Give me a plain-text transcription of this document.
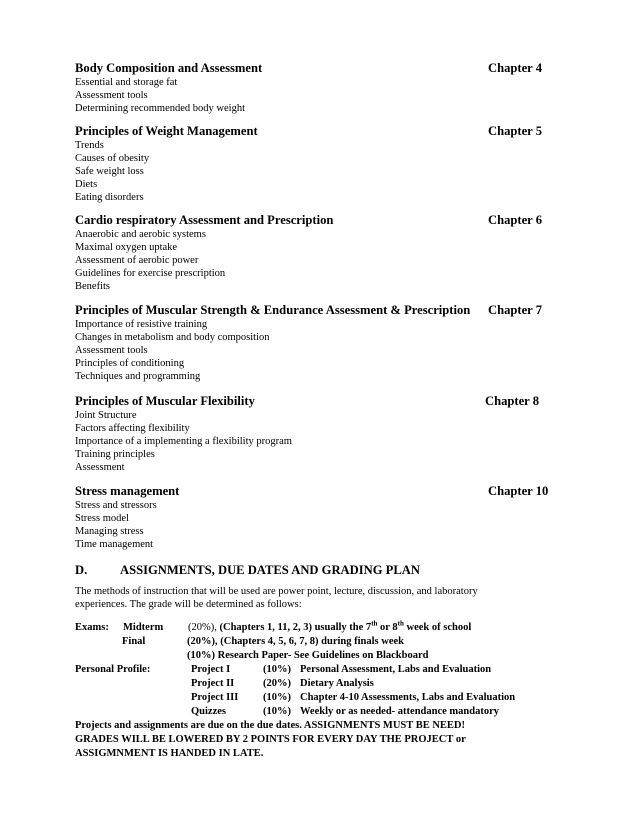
Body Composition and Assessment	Chapter 4
Essential and storage fat
Assessment tools
Determining recommended body weight
Principles of Weight Management	Chapter 5
Trends
Causes of obesity
Safe weight loss
Diets
Eating disorders
Cardio respiratory Assessment and Prescription	Chapter 6
Anaerobic and aerobic systems
Maximal oxygen uptake
Assessment of aerobic power
Guidelines for exercise prescription
Benefits
Principles of Muscular Strength & Endurance Assessment & Prescription Chapter 7
Importance of resistive training
Changes in metabolism and body composition
Assessment tools
Principles of conditioning
Techniques and programming
Principles of Muscular Flexibility	Chapter 8
Joint Structure
Factors affecting flexibility
Importance of a implementing a flexibility program
Training principles
Assessment
Stress management	Chapter 10
Stress and stressors
Stress model
Managing stress
Time management
D.	ASSIGNMENTS, DUE DATES AND GRADING PLAN
The methods of instruction that will be used are power point, lecture, discussion, and laboratory
experiences. The grade will be determined as follows:
Exams: Midterm (20%), (Chapters 1, 11, 2, 3) usually the 7th or 8th week of school
Final	(20%), (Chapters 4, 5, 6, 7, 8) during finals week
(10%) Research Paper- See Guidelines on Blackboard
Personal Profile:	Project I	(10%) Personal Assessment, Labs and Evaluation
Project II	(20%) Dietary Analysis
Project III (10%) Chapter 4-10 Assessments, Labs and Evaluation
Quizzes	(10%) Weekly or as needed- attendance mandatory
Projects and assignments are due on the due dates. ASSIGNMENTS MUST BE NEED!
GRADES WILL BE LOWERED BY 2 POINTS FOR EVERY DAY THE PROJECT or
ASSIGMNMENT IS HANDED IN LATE.
